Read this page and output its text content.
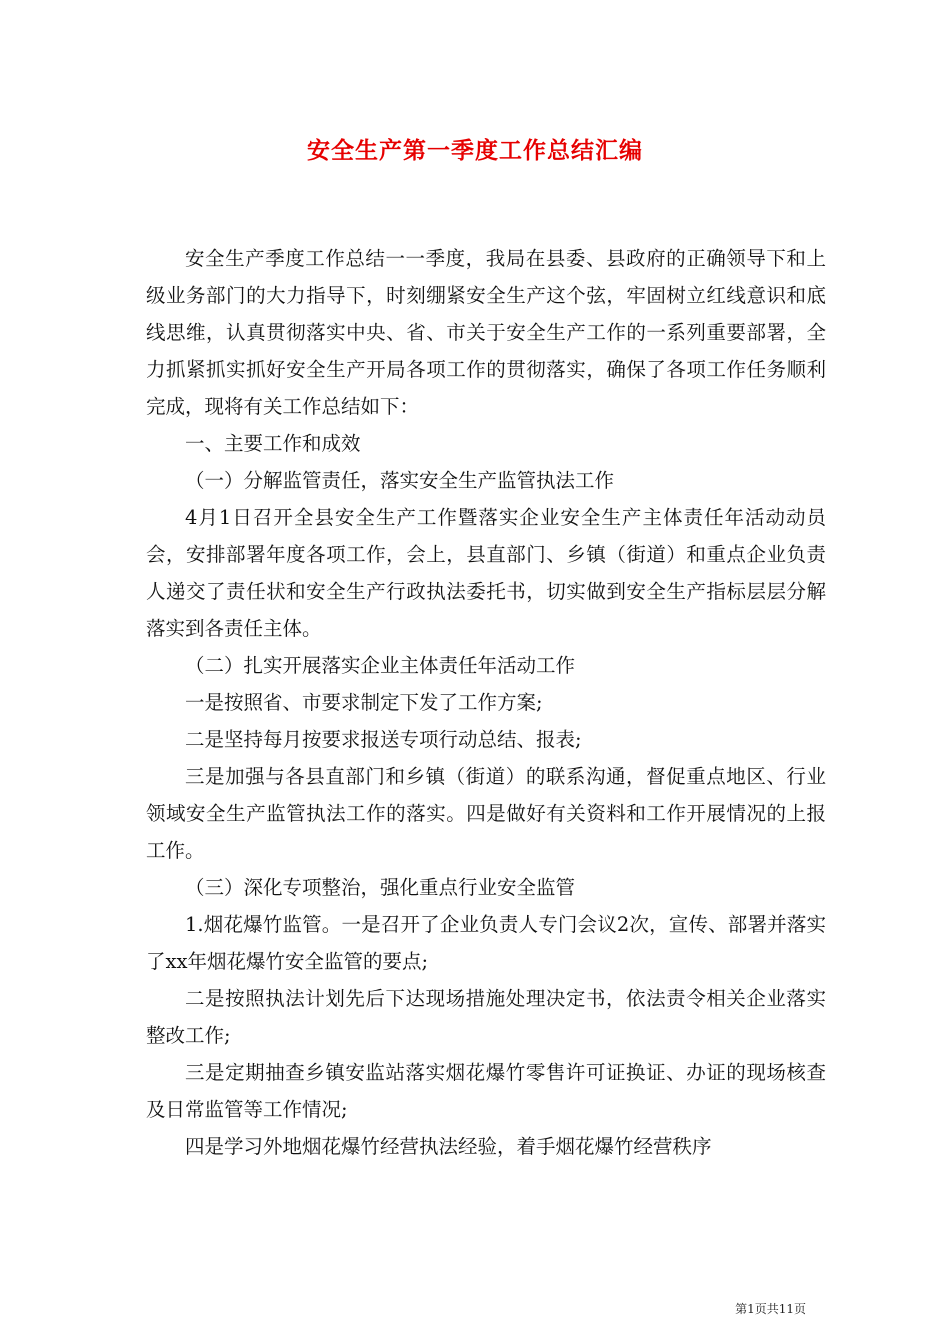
安全生产第一季度工作总结汇编

安全生产季度工作总结一一季度，我局在县委、县政府的正确领导下和上级业务部门的大力指导下，时刻绷紧安全生产这个弦，牢固树立红线意识和底线思维，认真贯彻落实中央、省、市关于安全生产工作的一系列重要部署，全力抓紧抓实抓好安全生产开局各项工作的贯彻落实，确保了各项工作任务顺利完成，现将有关工作总结如下：

一、主要工作和成效

（一）分解监管责任，落实安全生产监管执法工作

4月1日召开全县安全生产工作暨落实企业安全生产主体责任年活动动员会，安排部署年度各项工作，会上，县直部门、乡镇（街道）和重点企业负责人递交了责任状和安全生产行政执法委托书，切实做到安全生产指标层层分解落实到各责任主体。

（二）扎实开展落实企业主体责任年活动工作

一是按照省、市要求制定下发了工作方案;

二是坚持每月按要求报送专项行动总结、报表;

三是加强与各县直部门和乡镇（街道）的联系沟通，督促重点地区、行业领域安全生产监管执法工作的落实。四是做好有关资料和工作开展情况的上报工作。

（三）深化专项整治，强化重点行业安全监管

1.烟花爆竹监管。一是召开了企业负责人专门会议2次，宣传、部署并落实了xx年烟花爆竹安全监管的要点;

二是按照执法计划先后下达现场措施处理决定书，依法责令相关企业落实整改工作;

三是定期抽查乡镇安监站落实烟花爆竹零售许可证换证、办证的现场核查及日常监管等工作情况;

四是学习外地烟花爆竹经营执法经验，着手烟花爆竹经营秩序

第1页共11页
